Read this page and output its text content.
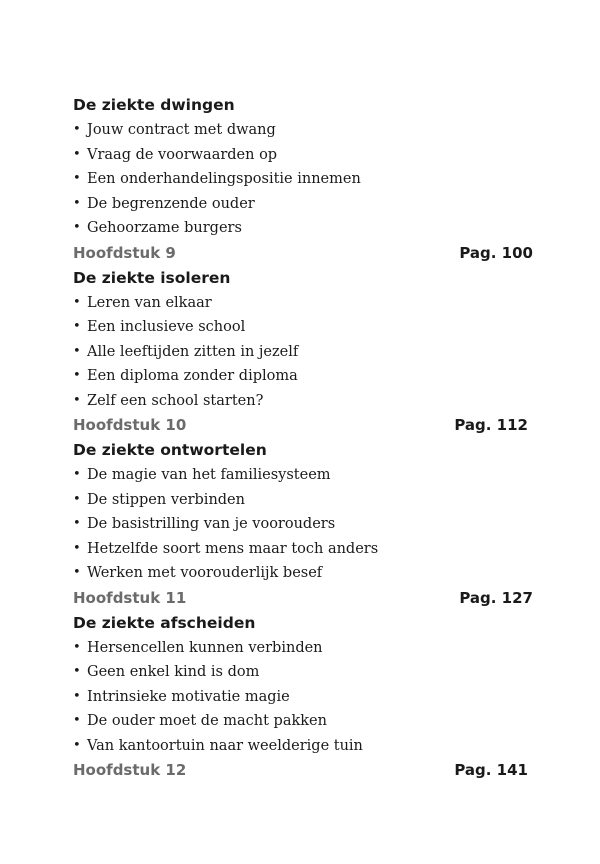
De ziekte dwingen
• Jouw contract met dwang
• Vraag de voorwaarden op
• Een onderhandelingspositie innemen
• De begrenzende ouder
• Gehoorzame burgers
Hoofdstuk 9	Pag. 100
De ziekte isoleren
• Leren van elkaar
• Een inclusieve school
• Alle leeftijden zitten in jezelf
• Een diploma zonder diploma
• Zelf een school starten?
Hoofdstuk 10	Pag. 112
De ziekte ontwortelen
• De magie van het familiesysteem
• De stippen verbinden
• De basistrilling van je voorouders
• Hetzelfde soort mens maar toch anders
• Werken met voorouderlijk besef
Hoofdstuk 11	Pag. 127
De ziekte afscheiden
• Hersencellen kunnen verbinden
• Geen enkel kind is dom
• Intrinsieke motivatie magie
• De ouder moet de macht pakken
• Van kantoortuin naar weelderige tuin
Hoofdstuk 12	Pag. 141
